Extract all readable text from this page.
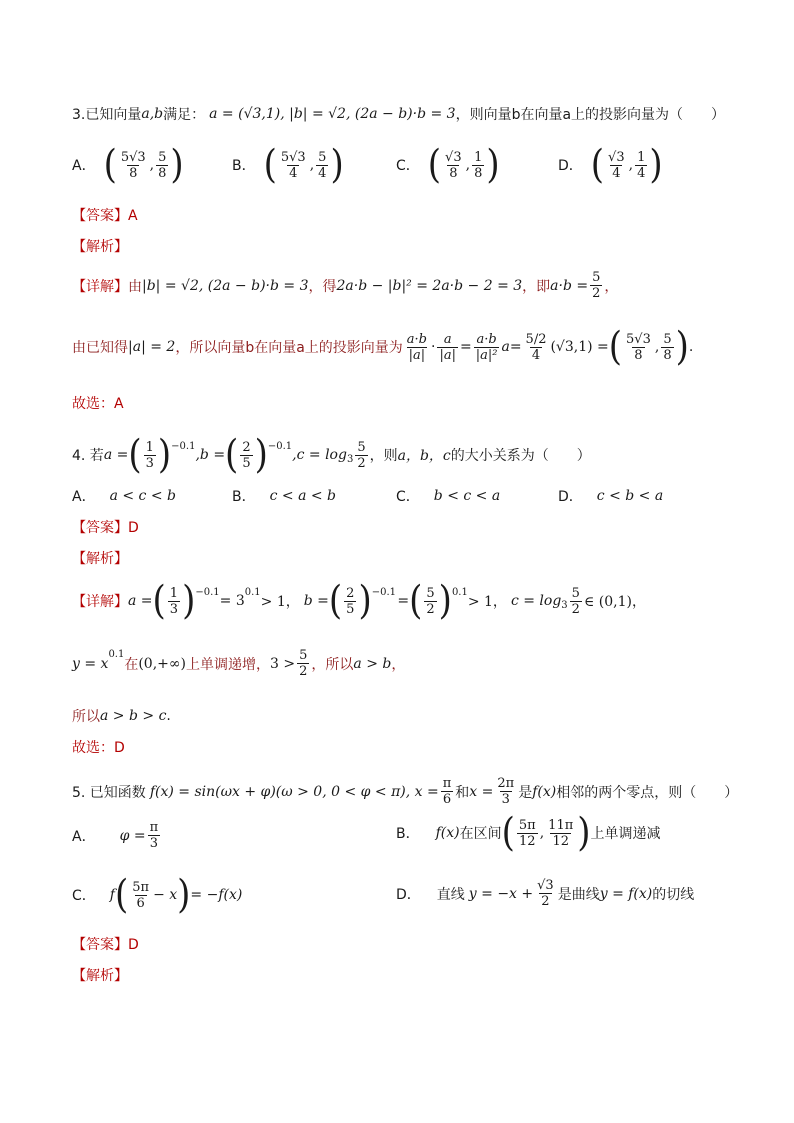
3.已知向量 a,b 满足： a = (√3,1), |b| = √2, (2a − b)·b = 3 ，则向量b在向量a上的投影向量为（　　）
A． ( $\frac{5√3}{8}$ , $\frac{5}{8}$ )	B． ( $\frac{5√3}{4}$ , $\frac{5}{4}$ )	C． ( $\frac{√3}{8}$ , $\frac{1}{8}$ )	D． ( $\frac{√3}{4}$ , $\frac{1}{4}$ )
【答案】A
【解析】
【详解】 由 |b| = √2, (2a − b)·b = 3 ，得 2a·b − |b|² = 2a·b − 2 = 3 ，即 $a\cdot b = \frac{5}{2}$ ，
由已知得 |a| = 2 ，所以向量b在向量a上的投影向量为 $\frac{a\cdot b}{|a|} \cdot \frac{a}{|a|} = \frac{a\cdot b}{\text{|a|²}}$ $a = \frac{5/2}{4} (√3,1)$ = ( $\frac{5√3}{8}$ , $\frac{5}{8}$ ) .
故选：A
4. 若 a = ( $\frac{1}{3}$ ) −0.1
,b = ( $\frac{2}{5}$ ) −0.1
, $c = \log 3 \frac{5}{2}$ ，则 a，b，c 的大小关系为（　　）
A． a < c < b	B． c < a < b	C． b < c < a	D． c < b < a
【答案】D
【解析】
【详解】 a = ( $\frac{1}{3}$ ) −0.1
= 3
0.1
> 1， b = ( $\frac{2}{5}$ ) −0.1
 = ( $\frac{5}{2}$ ) 0.1
> 1， $c = \log 3 \frac{5}{2}$ ∈ (0,1)，
y = x
0.1
在 (0,+∞) 上单调递增， $3 > \frac{5}{2}$ ，所以 a > b ，
所以 a > b > c .
故选：D
5. 已知函数 f(x) = sin(ωx + φ)(ω > 0, 0 < φ < π), $x = \frac{\pi}{6}$ 和 $x = \frac{2\pi}{3}$ 是 f(x) 相邻的两个零点，则（　　）
A． $\varphi = \frac{\pi}{3}$	B． f(x) 在区间 ( $\frac{5\pi}{12}$ , $\frac{11\pi}{12}$ ) 上单调递减
C． f ( $\frac{5\pi}{6} - x$ ) = −f(x)	D． 直线 $y = -x + \frac{√3}{2}$ 是曲线 y = f(x) 的切线
【答案】D
【解析】
